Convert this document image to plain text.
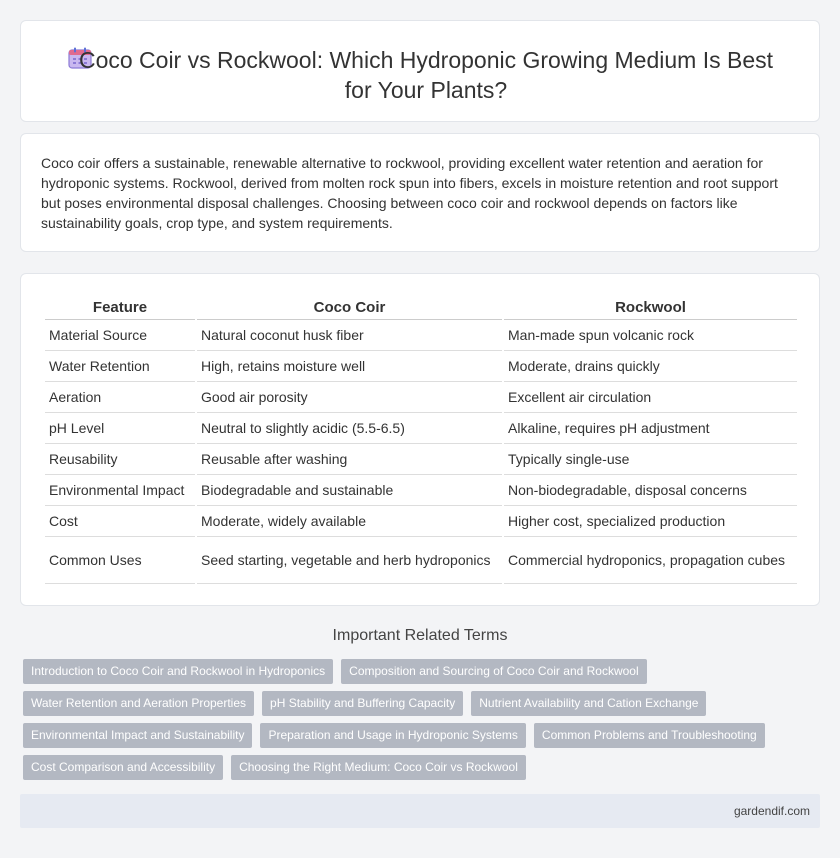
Coco Coir vs Rockwool: Which Hydroponic Growing Medium Is Best for Your Plants?

Coco coir offers a sustainable, renewable alternative to rockwool, providing excellent water retention and aeration for hydroponic systems. Rockwool, derived from molten rock spun into fibers, excels in moisture retention and root support but poses environmental disposal challenges. Choosing between coco coir and rockwool depends on factors like sustainability goals, crop type, and system requirements.

Feature	Coco Coir	Rockwool
Material Source	Natural coconut husk fiber	Man-made spun volcanic rock
Water Retention	High, retains moisture well	Moderate, drains quickly
Aeration	Good air porosity	Excellent air circulation
pH Level	Neutral to slightly acidic (5.5-6.5)	Alkaline, requires pH adjustment
Reusability	Reusable after washing	Typically single-use
Environmental Impact	Biodegradable and sustainable	Non-biodegradable, disposal concerns
Cost	Moderate, widely available	Higher cost, specialized production
Common Uses	Seed starting, vegetable and herb hydroponics	Commercial hydroponics, propagation cubes
Important Related Terms
Introduction to Coco Coir and Rockwool in Hydroponics	Composition and Sourcing of Coco Coir and Rockwool
Water Retention and Aeration Properties	pH Stability and Buffering Capacity	Nutrient Availability and Cation Exchange
Environmental Impact and Sustainability	Preparation and Usage in Hydroponic Systems	Common Problems and Troubleshooting
Cost Comparison and Accessibility	Choosing the Right Medium: Coco Coir vs Rockwool
gardendif.com
